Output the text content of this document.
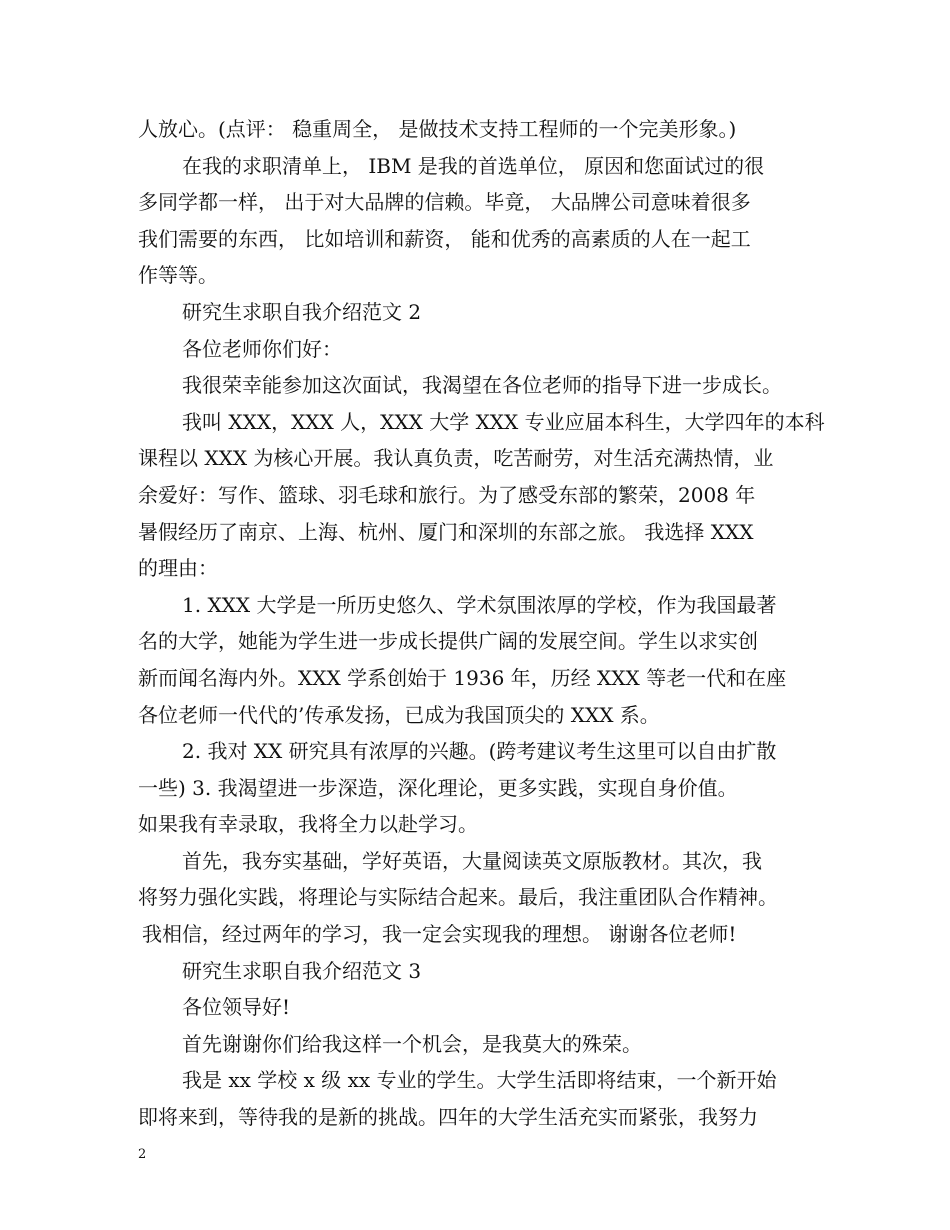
人放心。(点评： 稳重周全， 是做技术支持工程师的一个完美形象。)
在我的求职清单上， IBM 是我的首选单位， 原因和您面试过的很
多同学都一样， 出于对大品牌的信赖。毕竟， 大品牌公司意味着很多
我们需要的东西， 比如培训和薪资， 能和优秀的高素质的人在一起工
作等等。
研究生求职自我介绍范文 2
各位老师你们好：
我很荣幸能参加这次面试，我渴望在各位老师的指导下进一步成长。
我叫 XXX，XXX 人，XXX 大学 XXX 专业应届本科生，大学四年的本科
课程以 XXX 为核心开展。我认真负责，吃苦耐劳，对生活充满热情，业
余爱好：写作、篮球、羽毛球和旅行。为了感受东部的繁荣，2008 年
暑假经历了南京、上海、杭州、厦门和深圳的东部之旅。 我选择 XXX
的理由：
1. XXX 大学是一所历史悠久、学术氛围浓厚的学校，作为我国最著
名的大学，她能为学生进一步成长提供广阔的发展空间。学生以求实创
新而闻名海内外。XXX 学系创始于 1936 年，历经 XXX 等老一代和在座
各位老师一代代的’传承发扬，已成为我国顶尖的 XXX 系。
2. 我对 XX 研究具有浓厚的兴趣。(跨考建议考生这里可以自由扩散
一些) 3. 我渴望进一步深造，深化理论，更多实践，实现自身价值。
如果我有幸录取，我将全力以赴学习。
首先，我夯实基础，学好英语，大量阅读英文原版教材。其次，我
将努力强化实践，将理论与实际结合起来。最后，我注重团队合作精神。
我相信，经过两年的学习，我一定会实现我的理想。 谢谢各位老师!
研究生求职自我介绍范文 3
各位领导好!
首先谢谢你们给我这样一个机会，是我莫大的殊荣。
我是 xx 学校 x 级 xx 专业的学生。大学生活即将结束，一个新开始
即将来到，等待我的是新的挑战。四年的大学生活充实而紧张，我努力
2
